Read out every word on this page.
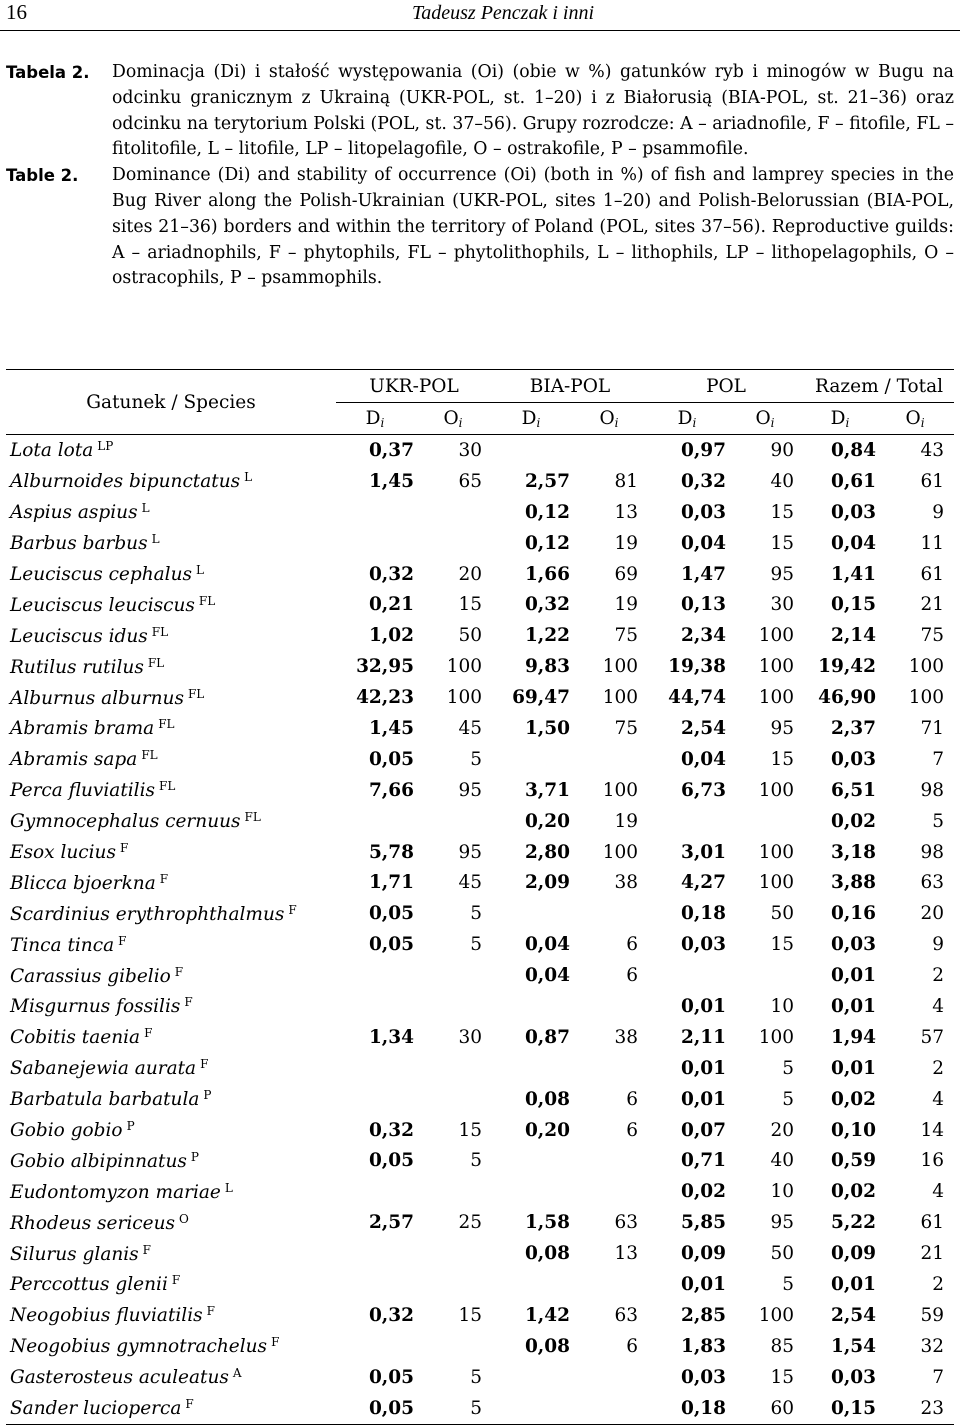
16	Tadeusz Penczak i inni
Tabela 2.	Dominacja (Di) i stałość występowania (Oi) (obie w %) gatunków ryb i minogów w Bugu na odcinku granicznym z Ukrainą (UKR-POL, st. 1–20) i z Białorusią (BIA-POL, st. 21–36) oraz odcinku na terytorium Polski (POL, st. 37–56). Grupy rozrodcze: A – ariadnofile, F – fitofile, FL – fitolitofile, L – litofile, LP – litopelagofile, O – ostrakofile, P – psammofile.
Table 2.	Dominance (Di) and stability of occurrence (Oi) (both in %) of fish and lamprey species in the Bug River along the Polish-Ukrainian (UKR-POL, sites 1–20) and Polish-Belorussian (BIA-POL, sites 21–36) borders and within the territory of Poland (POL, sites 37–56). Reproductive guilds: A – ariadnophils, F – phytophils, FL – phytolithophils, L – lithophils, LP – lithopelagophils, O – ostracophils, P – psammophils.
Gatunek / Species	UKR-POL		BIA-POL		POL		Razem / Total	
	Di	Oi	Di	Oi	Di	Oi	Di	Oi
Lota lota $^{LP}$	0,37	30			0,97	90	0,84	43
Alburnoides bipunctatus $^L$	1,45	65	2,57	81	0,32	40	0,61	61
Aspius aspius $^L$			0,12	13	0,03	15	0,03	9
Barbus barbus $^L$			0,12	19	0,04	15	0,04	11
Leuciscus cephalus $^L$	0,32	20	1,66	69	1,47	95	1,41	61
Leuciscus leuciscus $^{FL}$	0,21	15	0,32	19	0,13	30	0,15	21
Leuciscus idus $^{FL}$	1,02	50	1,22	75	2,34	100	2,14	75
Rutilus rutilus $^{FL}$	32,95	100	9,83	100	19,38	100	19,42	100
Alburnus alburnus $^{FL}$	42,23	100	69,47	100	44,74	100	46,90	100
Abramis brama $^{FL}$	1,45	45	1,50	75	2,54	95	2,37	71
Abramis sapa $^{FL}$	0,05	5			0,04	15	0,03	7
Perca fluviatilis $^{FL}$	7,66	95	3,71	100	6,73	100	6,51	98
Gymnocephalus cernuus $^{FL}$			0,20	19			0,02	5
Esox lucius $^F$	5,78	95	2,80	100	3,01	100	3,18	98
Blicca bjoerkna $^F$	1,71	45	2,09	38	4,27	100	3,88	63
Scardinius erythrophthalmus $^F$	0,05	5			0,18	50	0,16	20
Tinca tinca $^F$	0,05	5	0,04	6	0,03	15	0,03	9
Carassius gibelio $^F$			0,04	6			0,01	2
Misgurnus fossilis $^F$					0,01	10	0,01	4
Cobitis taenia $^F$	1,34	30	0,87	38	2,11	100	1,94	57
Sabanejewia aurata $^F$					0,01	5	0,01	2
Barbatula barbatula $^P$			0,08	6	0,01	5	0,02	4
Gobio gobio $^P$	0,32	15	0,20	6	0,07	20	0,10	14
Gobio albipinnatus $^P$	0,05	5			0,71	40	0,59	16
Eudontomyzon mariae $^L$					0,02	10	0,02	4
Rhodeus sericeus $^O$	2,57	25	1,58	63	5,85	95	5,22	61
Silurus glanis $^F$			0,08	13	0,09	50	0,09	21
Perccottus glenii $^F$					0,01	5	0,01	2
Neogobius fluviatilis $^F$	0,32	15	1,42	63	2,85	100	2,54	59
Neogobius gymnotrachelus $^F$			0,08	6	1,83	85	1,54	32
Gasterosteus aculeatus $^A$	0,05	5			0,03	15	0,03	7
Sander lucioperca $^F$	0,05	5			0,18	60	0,15	23
